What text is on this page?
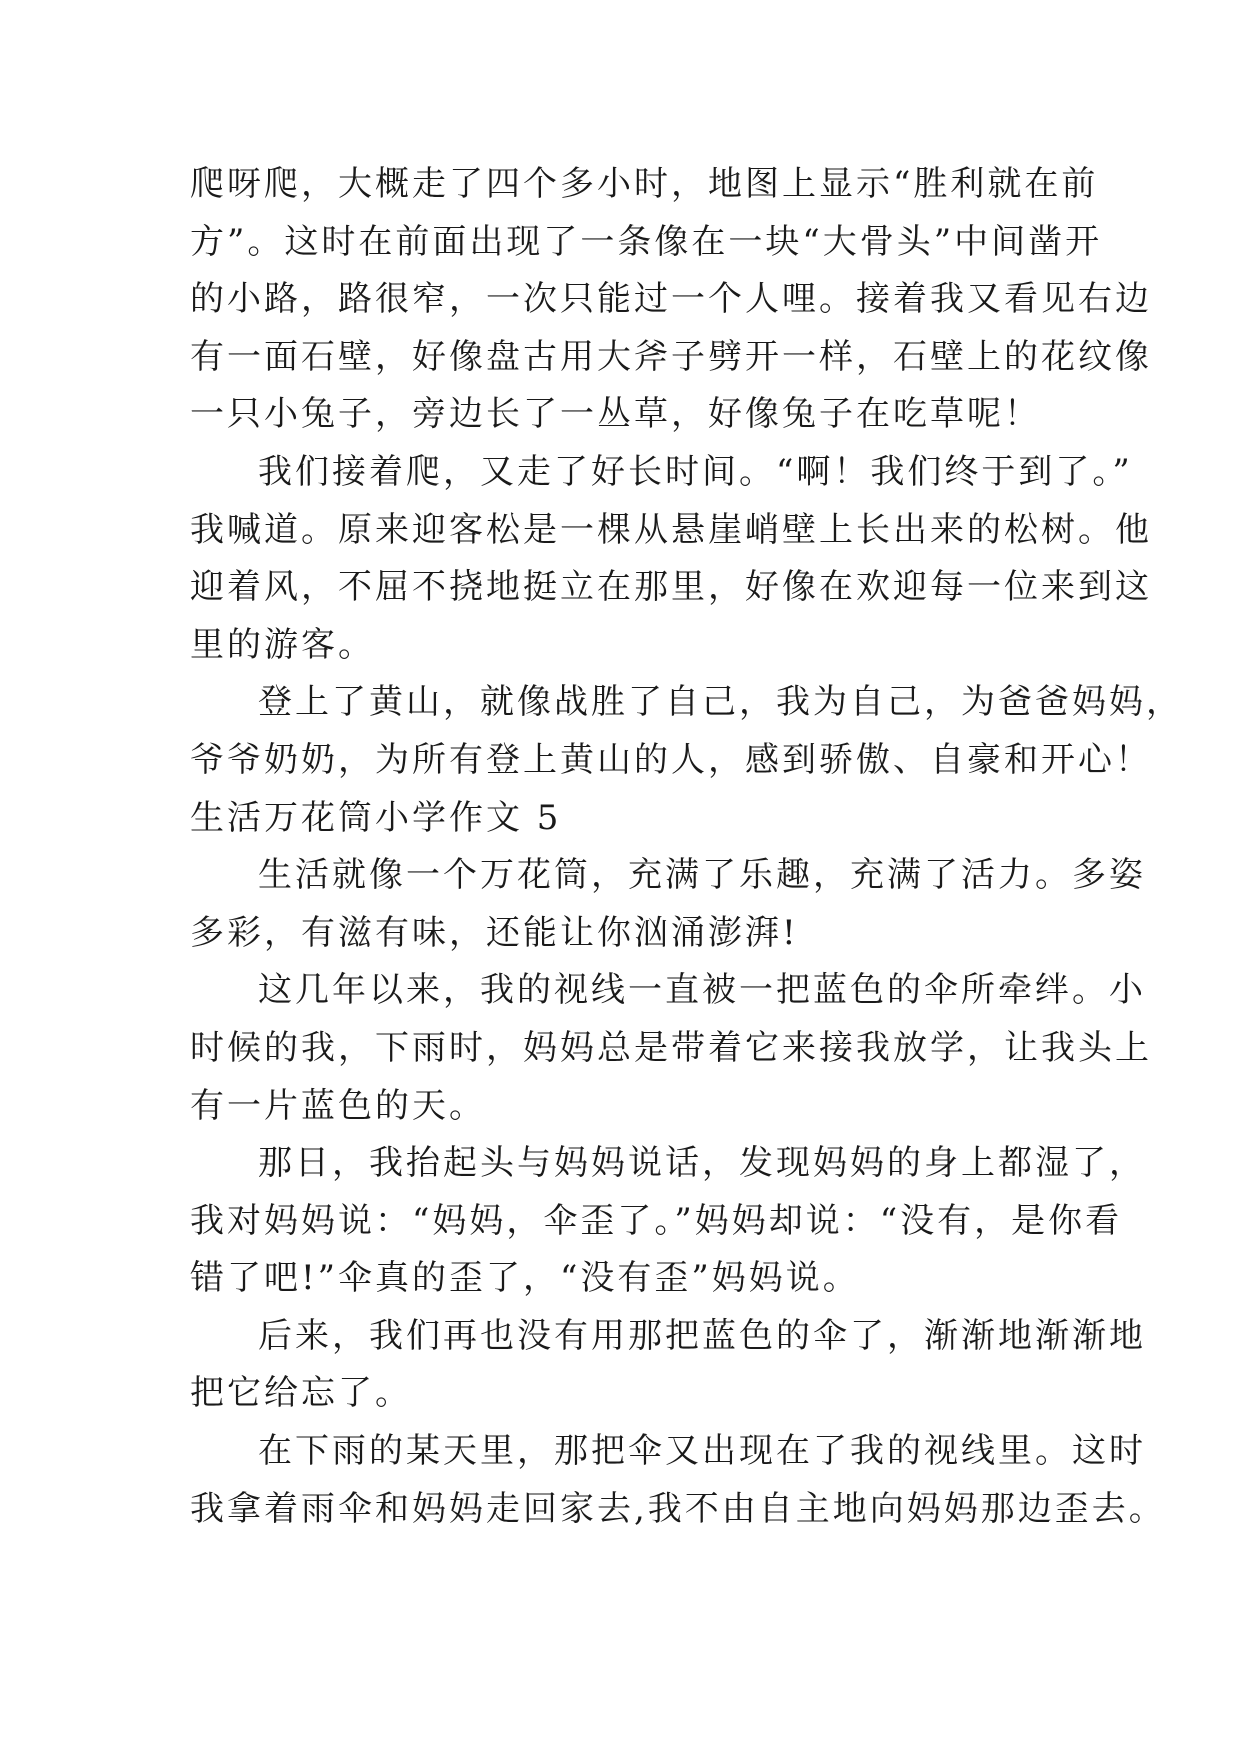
爬呀爬，大概走了四个多小时，地图上显示“胜利就在前
方”。这时在前面出现了一条像在一块“大骨头”中间凿开
的小路，路很窄，一次只能过一个人哩。接着我又看见右边
有一面石壁，好像盘古用大斧子劈开一样，石壁上的花纹像
一只小兔子，旁边长了一丛草，好像兔子在吃草呢！
我们接着爬，又走了好长时间。“啊！我们终于到了。”
我喊道。原来迎客松是一棵从悬崖峭壁上长出来的松树。他
迎着风，不屈不挠地挺立在那里，好像在欢迎每一位来到这
里的游客。
登上了黄山，就像战胜了自己，我为自己，为爸爸妈妈，
爷爷奶奶，为所有登上黄山的人，感到骄傲、自豪和开心！
生活万花筒小学作文 5
生活就像一个万花筒，充满了乐趣，充满了活力。多姿
多彩，有滋有味，还能让你汹涌澎湃!
这几年以来，我的视线一直被一把蓝色的伞所牵绊。小
时候的我，下雨时，妈妈总是带着它来接我放学，让我头上
有一片蓝色的天。
那日，我抬起头与妈妈说话，发现妈妈的身上都湿了，
我对妈妈说：“妈妈，伞歪了。”妈妈却说：“没有，是你看
错了吧!”伞真的歪了，“没有歪”妈妈说。
后来，我们再也没有用那把蓝色的伞了，渐渐地渐渐地
把它给忘了。
在下雨的某天里，那把伞又出现在了我的视线里。这时
我拿着雨伞和妈妈走回家去,我不由自主地向妈妈那边歪去。
